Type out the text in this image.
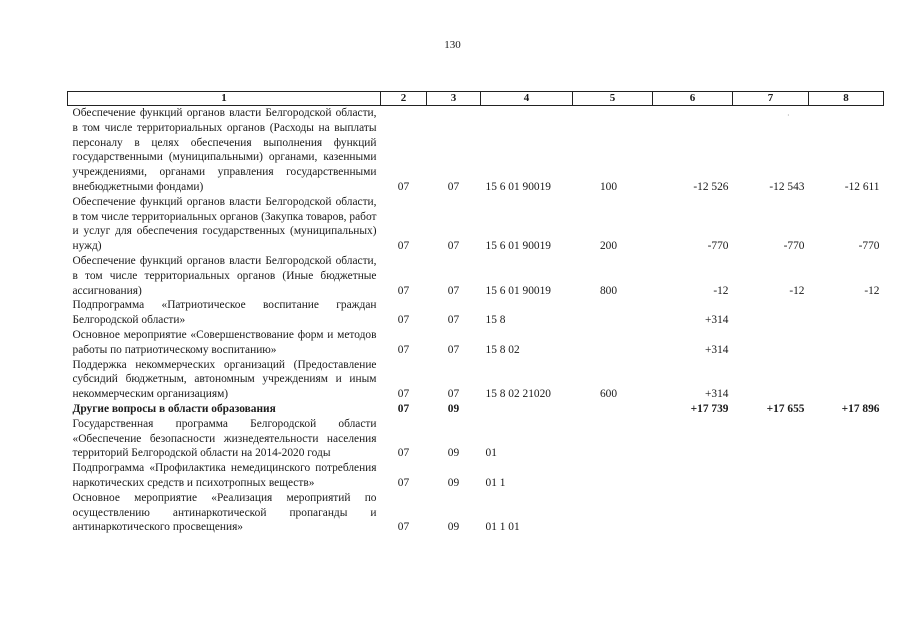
130
1	2	3	4	5	6	7	8
Обеспечение функций органов власти Белгородской области, в том числе территориальных органов (Расходы на выплаты персоналу в целях обеспечения выполнения функций государственными (муниципальными) органами, казенными учреждениями, органами управления государственными внебюджетными фондами)	07	07	15 6 01 90019	100	-12 526	-12 543	-12 611
Обеспечение функций органов власти Белгородской области, в том числе территориальных органов (Закупка товаров, работ и услуг для обеспечения государственных (муниципальных) нужд)	07	07	15 6 01 90019	200	-770	-770	-770
Обеспечение функций органов власти Белгородской области, в том числе территориальных органов (Иные бюджетные ассигнования)	07	07	15 6 01 90019	800	-12	-12	-12
Подпрограмма «Патриотическое воспитание граждан Белгородской области»	07	07	15 8		+314		
Основное мероприятие «Совершенствование форм и методов работы по патриотическому воспитанию»	07	07	15 8 02		+314		
Поддержка некоммерческих организаций (Предоставление субсидий бюджетным, автономным учреждениям и иным некоммерческим организациям)	07	07	15 8 02 21020	600	+314		
Другие вопросы в области образования	07	09			+17 739	+17 655	+17 896
Государственная программа Белгородской области «Обеспечение безопасности жизнедеятельности населения территорий Белгородской области на 2014-2020 годы	07	09	01				
Подпрограмма «Профилактика немедицинского потребления наркотических средств и психотропных веществ»	07	09	01 1				
Основное мероприятие «Реализация мероприятий по осуществлению антинаркотической пропаганды и антинаркотического просвещения»	07	09	01 1 01				
·
